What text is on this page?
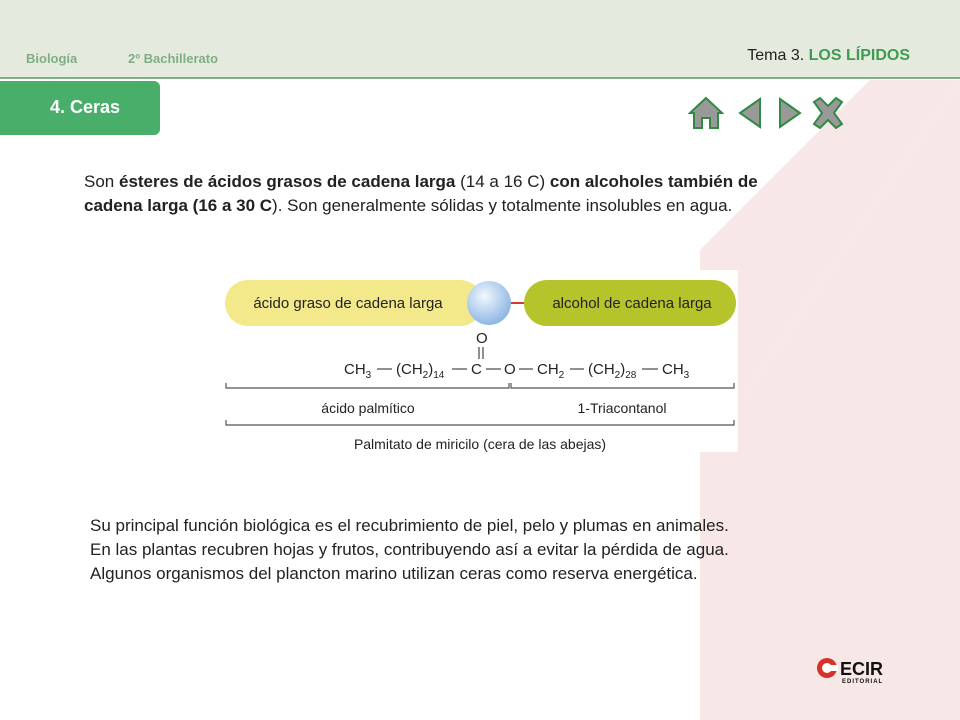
Biología	2º Bachillerato	Tema 3. LOS LÍPIDOS
4. Ceras
Son ésteres de ácidos grasos de cadena larga (14 a 16 C) con alcoholes también de cadena larga (16 a 30 C). Son generalmente sólidas y totalmente insolubles en agua.
ácido graso de cadena larga	alcohol de cadena larga
O
$CH_3$ $(CH_2)_{14}$ C O $CH_2$ $(CH_2)_{28}$ $CH_3$
ácido palmítico	1-Triacontanol
Palmitato de miricilo (cera de las abejas)
Su principal función biológica es el recubrimiento de piel, pelo y plumas en animales.
En las plantas recubren hojas y frutos, contribuyendo así a evitar la pérdida de agua.
Algunos organismos del plancton marino utilizan ceras como reserva energética.
ECIR
EDITORIAL
